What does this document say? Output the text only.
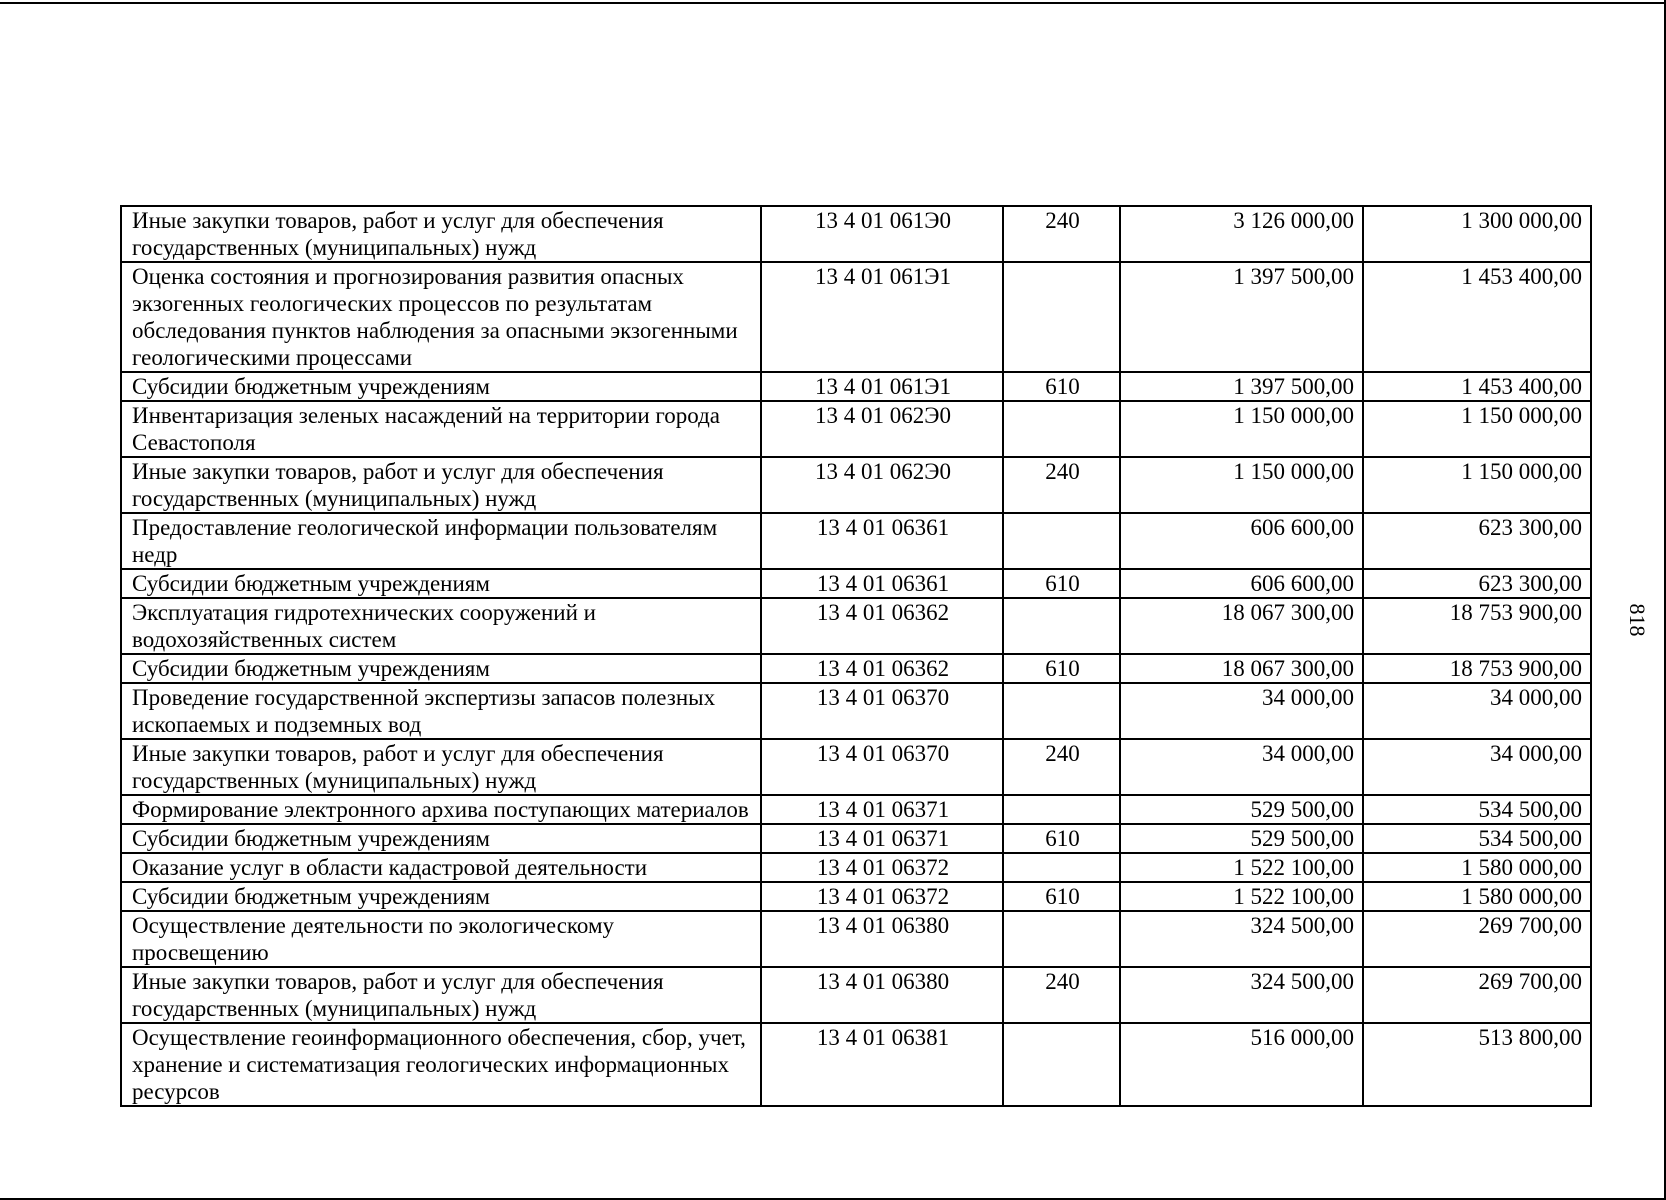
Иные закупки товаров, работ и услуг для обеспечения государственных (муниципальных) нужд	13 4 01 061Э0	240	3 126 000,00	1 300 000,00
Оценка состояния и прогнозирования развития опасных экзогенных геологических процессов по результатам обследования пунктов наблюдения за опасными экзогенными геологическими процессами	13 4 01 061Э1		1 397 500,00	1 453 400,00
Субсидии бюджетным учреждениям	13 4 01 061Э1	610	1 397 500,00	1 453 400,00
Инвентаризация зеленых насаждений на территории города Севастополя	13 4 01 062Э0		1 150 000,00	1 150 000,00
Иные закупки товаров, работ и услуг для обеспечения государственных (муниципальных) нужд	13 4 01 062Э0	240	1 150 000,00	1 150 000,00
Предоставление геологической информации пользователям недр	13 4 01 06361		606 600,00	623 300,00
Субсидии бюджетным учреждениям	13 4 01 06361	610	606 600,00	623 300,00
Эксплуатация гидротехнических сооружений и водохозяйственных систем	13 4 01 06362		18 067 300,00	18 753 900,00
Субсидии бюджетным учреждениям	13 4 01 06362	610	18 067 300,00	18 753 900,00
Проведение государственной экспертизы запасов полезных ископаемых и подземных вод	13 4 01 06370		34 000,00	34 000,00
Иные закупки товаров, работ и услуг для обеспечения государственных (муниципальных) нужд	13 4 01 06370	240	34 000,00	34 000,00
Формирование электронного архива поступающих материалов	13 4 01 06371		529 500,00	534 500,00
Субсидии бюджетным учреждениям	13 4 01 06371	610	529 500,00	534 500,00
Оказание услуг в области кадастровой деятельности	13 4 01 06372		1 522 100,00	1 580 000,00
Субсидии бюджетным учреждениям	13 4 01 06372	610	1 522 100,00	1 580 000,00
Осуществление деятельности по экологическому просвещению	13 4 01 06380		324 500,00	269 700,00
Иные закупки товаров, работ и услуг для обеспечения государственных (муниципальных) нужд	13 4 01 06380	240	324 500,00	269 700,00
Осуществление геоинформационного обеспечения, сбор, учет, хранение и систематизация геологических информационных ресурсов	13 4 01 06381		516 000,00	513 800,00
818
